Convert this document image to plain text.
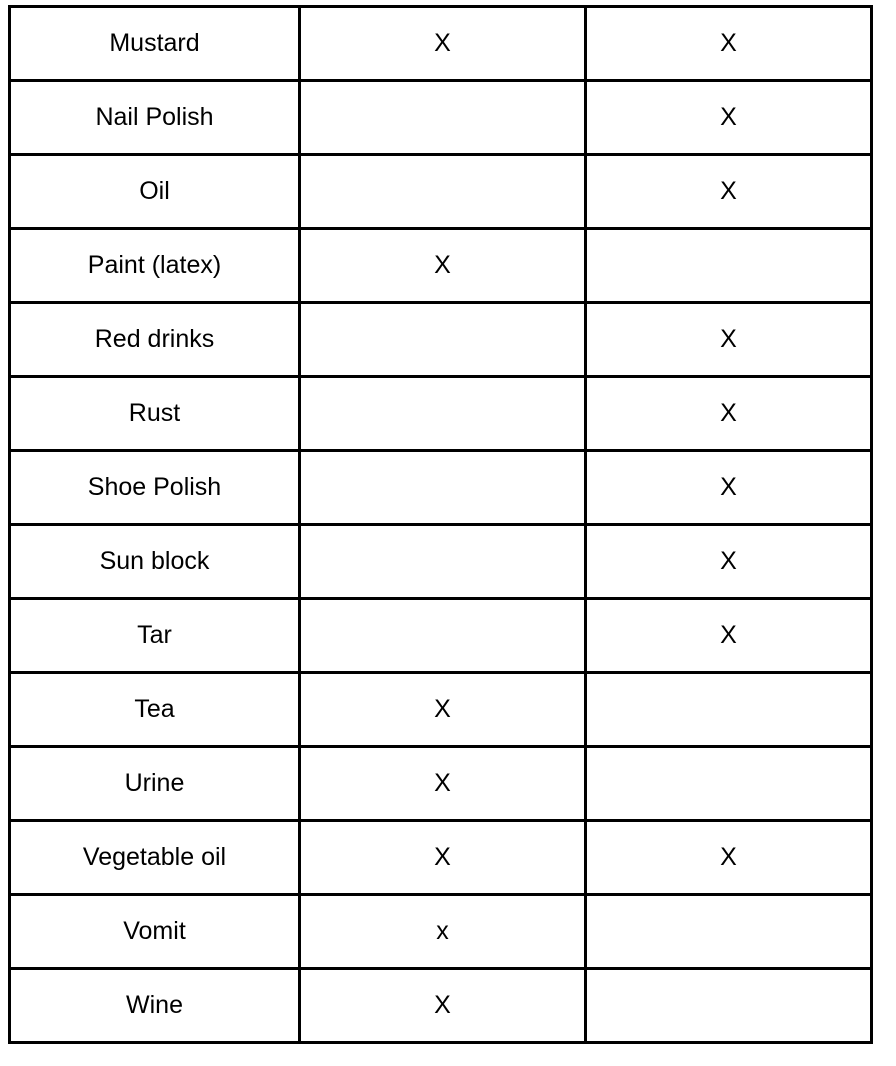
Mustard	X	X
Nail Polish		X
Oil		X
Paint (latex)	X	
Red drinks		X
Rust		X
Shoe Polish		X
Sun block		X
Tar		X
Tea	X	
Urine	X	
Vegetable oil	X	X
Vomit	x	
Wine	X	
